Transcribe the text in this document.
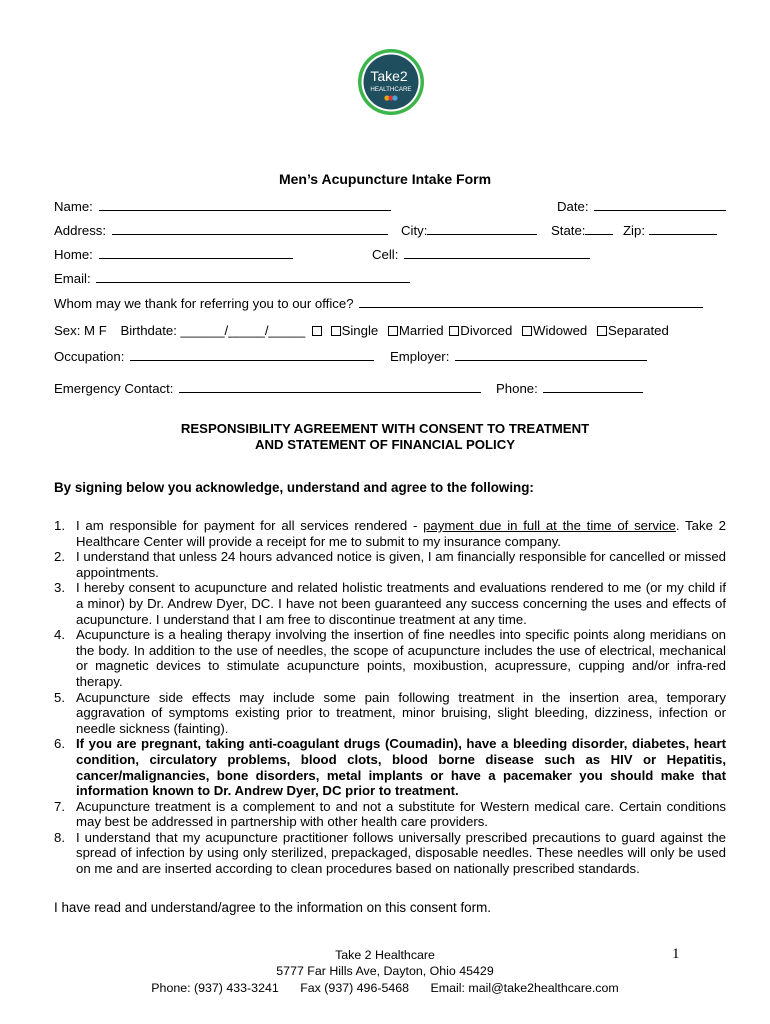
Take2
HEALTHCARE
Men’s Acupuncture Intake Form
Name:	Date:
Address:	City:	State:	Zip:
Home:	Cell:
Email:
Whom may we thank for referring you to our office?
Sex: M F Birthdate: ______/_____/_____	Single Married Divorced Widowed Separated
Occupation:	Employer:
Emergency Contact:	Phone:
RESPONSIBILITY AGREEMENT WITH CONSENT TO TREATMENT
AND STATEMENT OF FINANCIAL POLICY
By signing below you acknowledge, understand and agree to the following:
1. I am responsible for payment for all services rendered - payment due in full at the time of service. Take 2 Healthcare Center will provide a receipt for me to submit to my insurance company.
2. I understand that unless 24 hours advanced notice is given, I am financially responsible for cancelled or missed appointments.
3. I hereby consent to acupuncture and related holistic treatments and evaluations rendered to me (or my child if a minor) by Dr. Andrew Dyer, DC. I have not been guaranteed any success concerning the uses and effects of acupuncture. I understand that I am free to discontinue treatment at any time.
4. Acupuncture is a healing therapy involving the insertion of fine needles into specific points along meridians on the body. In addition to the use of needles, the scope of acupuncture includes the use of electrical, mechanical or magnetic devices to stimulate acupuncture points, moxibustion, acupressure, cupping and/or infra-red therapy.
5. Acupuncture side effects may include some pain following treatment in the insertion area, temporary aggravation of symptoms existing prior to treatment, minor bruising, slight bleeding, dizziness, infection or needle sickness (fainting).
6. If you are pregnant, taking anti-coagulant drugs (Coumadin), have a bleeding disorder, diabetes, heart condition, circulatory problems, blood clots, blood borne disease such as HIV or Hepatitis, cancer/malignancies, bone disorders, metal implants or have a pacemaker you should make that information known to Dr. Andrew Dyer, DC prior to treatment.
7. Acupuncture treatment is a complement to and not a substitute for Western medical care. Certain conditions may best be addressed in partnership with other health care providers.
8. I understand that my acupuncture practitioner follows universally prescribed precautions to guard against the spread of infection by using only sterilized, prepackaged, disposable needles. These needles will only be used on me and are inserted according to clean procedures based on nationally prescribed standards.
I have read and understand/agree to the information on this consent form.
Take 2 Healthcare
5777 Far Hills Ave, Dayton, Ohio 45429
Phone: (937) 433-3241 Fax (937) 496-5468 Email: mail@take2healthcare.com
1
